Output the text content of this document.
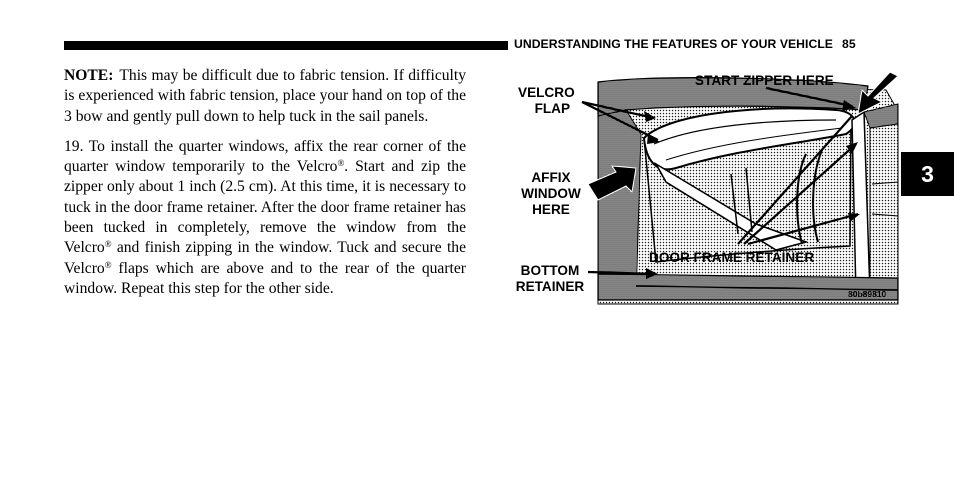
UNDERSTANDING THE FEATURES OF YOUR VEHICLE 85
3

NOTE: This may be difficult due to fabric tension. If difficulty is experienced with fabric tension, place your hand on top of the 3 bow and gently pull down to help tuck in the sail panels.

19. To install the quarter windows, affix the rear corner of the quarter window temporarily to the Velcro®. Start and zip the zipper only about 1 inch (2.5 cm). At this time, it is necessary to tuck in the door frame retainer. After the door frame retainer has been tucked in completely, remove the window from the Velcro® and finish zipping in the window. Tuck and secure the Velcro® flaps which are above and to the rear of the quarter window. Repeat this step for the other side.

VELCRO
FLAP
START ZIPPER HERE
AFFIX
WINDOW
HERE
DOOR FRAME RETAINER
BOTTOM
RETAINER	80b89810
